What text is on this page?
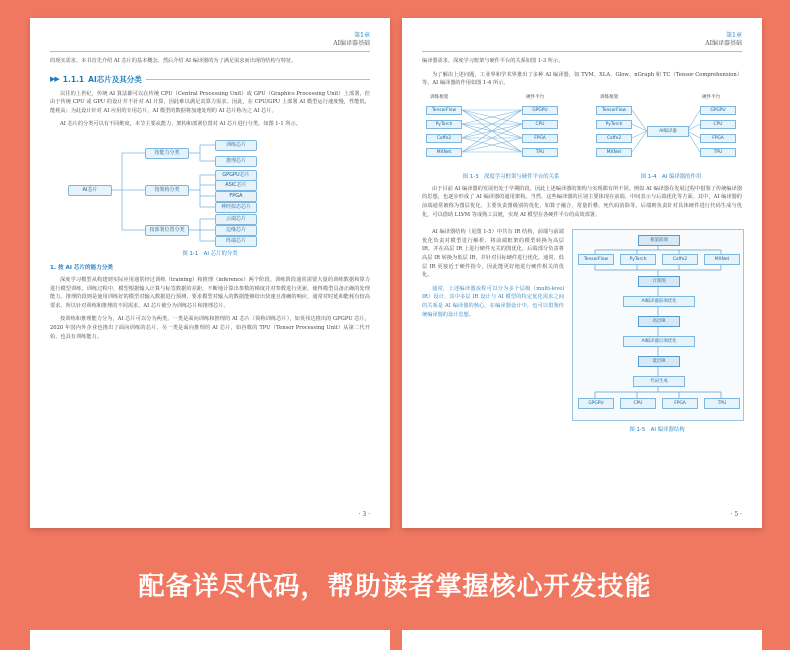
第1章
AI编译器基础

的现实需求。本书首先介绍 AI 芯片的基本概念，然后介绍 AI 编译器的为了满足需求而出现的结构与特征。

▶▶ 1.1.1 AI芯片及其分类

以往的上世纪，传统 AI 算法都可以在传统 CPU（Central Processing Unit）或 GPU（Graphics Processing Unit）上部署，但由于传统 CPU 或 GPU 的设计并不针对 AI 计算，因此难以满足其算力需求。因此，在 CPU/GPU 上部署 AI 模型运行速度慢，性能低，能耗高；为此设计针对 AI 应用的专用芯片，AI 模型的数据将加速处理的 AI 芯片称为之 AI 芯片。

AI 芯片的分类可以有不同维度，本节主要从能力、架构和部署位置对 AI 芯片进行分类，如图 1-1 所示。

AI芯片
按能力分类
按架构分类
按部署位置分类
训练芯片
推理芯片
GPGPU芯片
ASIC芯片
FPGA
神经拟态芯片
云端芯片
边缘芯片
终端芯片
图 1-1　AI 芯片的分类
1. 按 AI 芯片的能力分类

深度学习模型从构建到实际应用通常经过训练（training）和推理（inference）两个阶段。训练阶段通常需要大量的训练数据和算力进行模型训练，训练过程中，模型根据输入计算与标签数据的差距，不断地计算出参数的梯度并对参数进行更新，使得模型具备正确的处理能力。推理阶段则是使用训练好的模型对输入数据进行预测，要求模型对输入的数据能够给出快速且准确的响应，通常对时延和能耗有较高要求。所以针对训练和推理的不同需求，AI 芯片被分为训练芯片和推理芯片。

按训练和推理能力分为，AI 芯片可以分为两类。一类是面向训练和推理的 AI 芯片（简称训练芯片），如英伟达推出的 GPGPU 芯片，2020 年国内外企业也推出了面向训练的芯片。另一类是面向推理的 AI 芯片，如谷歌的 TPU（Tensor Processing Unit）从第二代开始，也具有训练能力。

· 3 ·
第1章
AI编译器基础

编译器需求。深度学习框架与硬件平台的关系如图 1-3 所示。

为了解决上述问题，工业界和学术界推出了多种 AI 编译器，如 TVM、XLA、Glow、nGraph 和 TC（Tensor Comprehension）等。AI 编译器的作用如图 1-4 所示。

训练框架	硬件平台
TensorFlow
PyTorch
Caffe2
MXNet
GPGPU
CPU
FPGA
TPU
训练框架	硬件平台
TensorFlow
PyTorch
Caffe2
MXNet
AI编译器
GPGPU
CPU
FPGA
TPU
图 1-3　深度学习框架与硬件平台的关系	图 1-4　AI 编译器的作用

由于目前 AI 编译器的发展仍处于早期阶段，因此上述编译器的架构与实现都有所不同。例如 AI 编译器在发展过程中借鉴了传统编译器的思想，也逐步形成了 AI 编译器的通用架构。当然，这些编译器的区别主要体现在前端、中间表示与后端优化等方面。其中，AI 编译器的前端通常被称为图层优化，主要负责图级别的优化，如算子融合、常量折叠、死代码消除等。后端则负责针对具体硬件进行代码生成与优化，可以借助 LLVM 等成熟工具链，实现 AI 模型在各硬件平台的高效部署。

AI 编译器结构（见图 1-5）中共有 IR 结构，前端与前端优化负责对模型进行解析，将前端框架的模型转换为高层 IR，并在高层 IR 上进行硬件无关的图优化。后端部分负责将高层 IR 转换为低层 IR，并针对目标硬件进行优化。通常，低层 IR 更接近于硬件指令，因此能更好地进行硬件相关的优化。

通常，上述编译器流程可以分为多个层级（multi-level IR）设计，其中多层 IR 设计与 AI 模型的特定优化需求之间的关系是 AI 编译器的核心。在编译器设计中，也可以借鉴传统编译器的设计思想。

框架前端
TensorFlow	PyTorch	Caffe2	MXNet
计算图
AI编译器前端优化
高层IR
AI编译器后端优化
低层IR
代码生成
GPGPU	CPU	FPGA	TPU
图 1-5　AI 编译器结构
· 5 ·
配备详尽代码，帮助读者掌握核心开发技能
